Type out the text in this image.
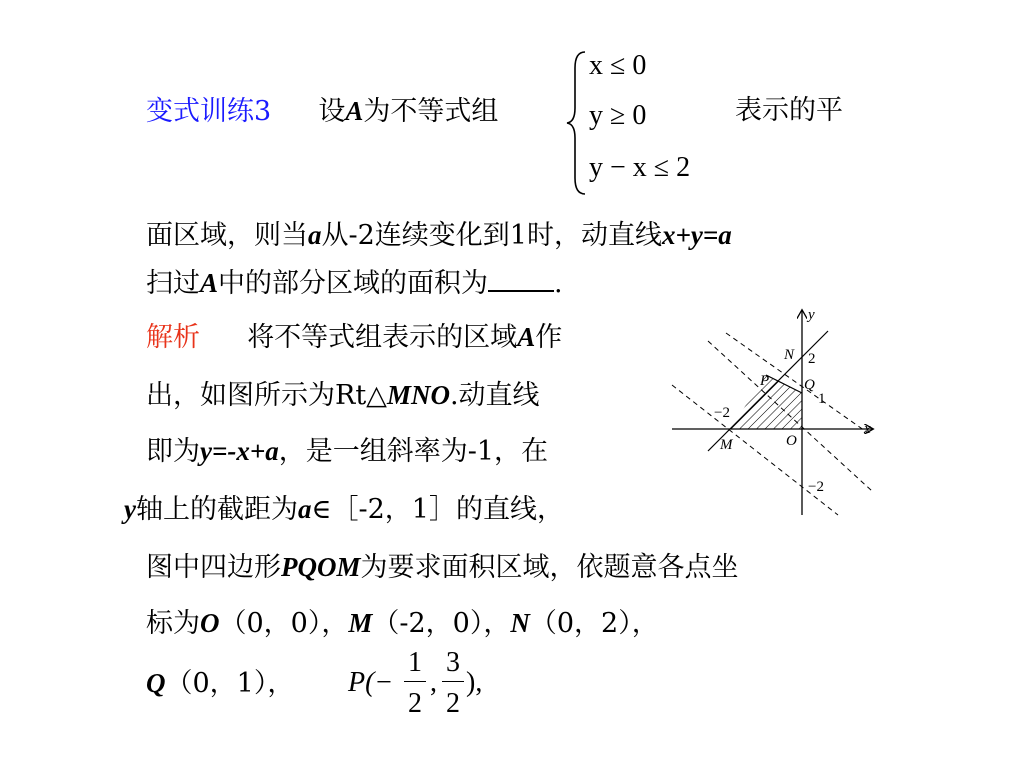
变式训练3 设A为不等式组
x ≤ 0
y ≥ 0
y − x ≤ 2
表示的平
面区域，则当a从-2连续变化到1时，动直线x+y=a
扫过A中的部分区域的面积为 .
解析 将不等式组表示的区域A作
出，如图所示为Rt△MNO.动直线
即为y=-x+a，是一组斜率为-1，在
y轴上的截距为a∈［-2，1］的直线，
图中四边形PQOM为要求面积区域，依题意各点坐
标为O（0，0），M（-2，0），N（0，2），
Q（0，1）， P(−
1
2
,
3
2
),
y
x
N 2
P Q
1
−2
M	O
−2
